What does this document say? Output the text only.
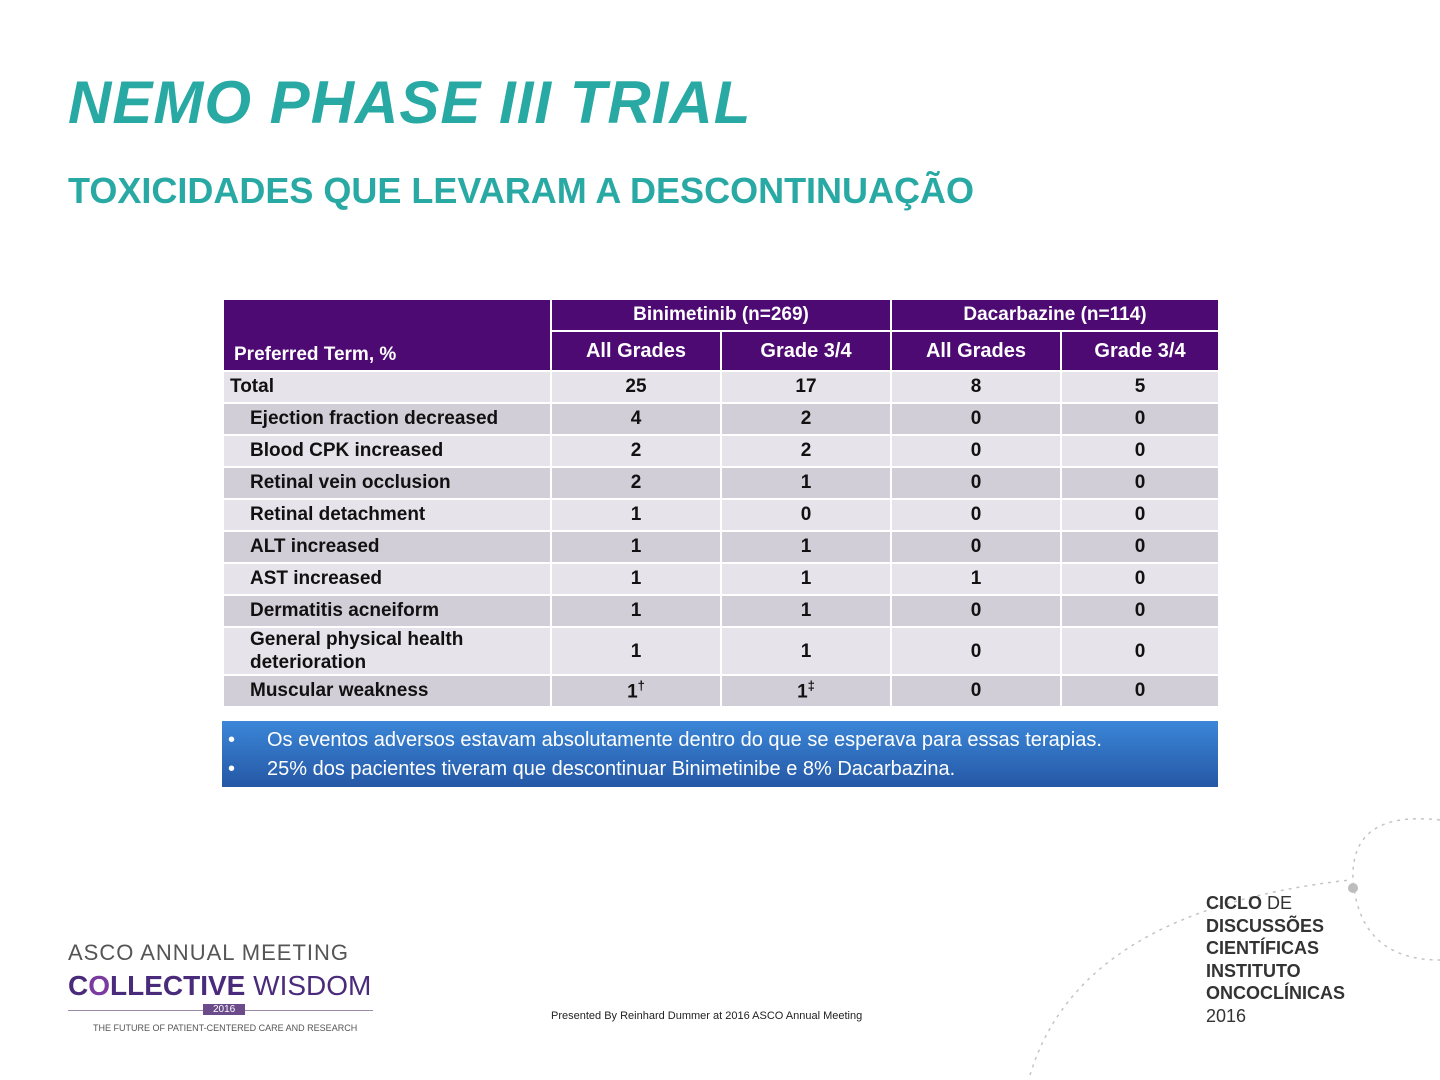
NEMO PHASE III TRIAL
TOXICIDADES QUE LEVARAM A DESCONTINUAÇÃO
Preferred Term, %	Binimetinib (n=269)		Dacarbazine (n=114)	
	All Grades	Grade 3/4	All Grades	Grade 3/4
Total	25	17	8	5
Ejection fraction decreased	4	2	0	0
Blood CPK increased	2	2	0	0
Retinal vein occlusion	2	1	0	0
Retinal detachment	1	0	0	0
ALT increased	1	1	0	0
AST increased	1	1	1	0
Dermatitis acneiform	1	1	0	0
General physical health deterioration	1	1	0	0
Muscular weakness	1†	1‡	0	0
• Os eventos adversos estavam absolutamente dentro do que se esperava para essas terapias.
• 25% dos pacientes tiveram que descontinuar Binimetinibe e 8% Dacarbazina.
ASCO ANNUAL MEETING
COLLECTIVE WISDOM
2016
THE FUTURE OF PATIENT-CENTERED CARE AND RESEARCH
Presented By Reinhard Dummer at 2016 ASCO Annual Meeting
CICLO DE
DISCUSSÕES
CIENTÍFICAS
INSTITUTO
ONCOCLÍNICAS
2016
